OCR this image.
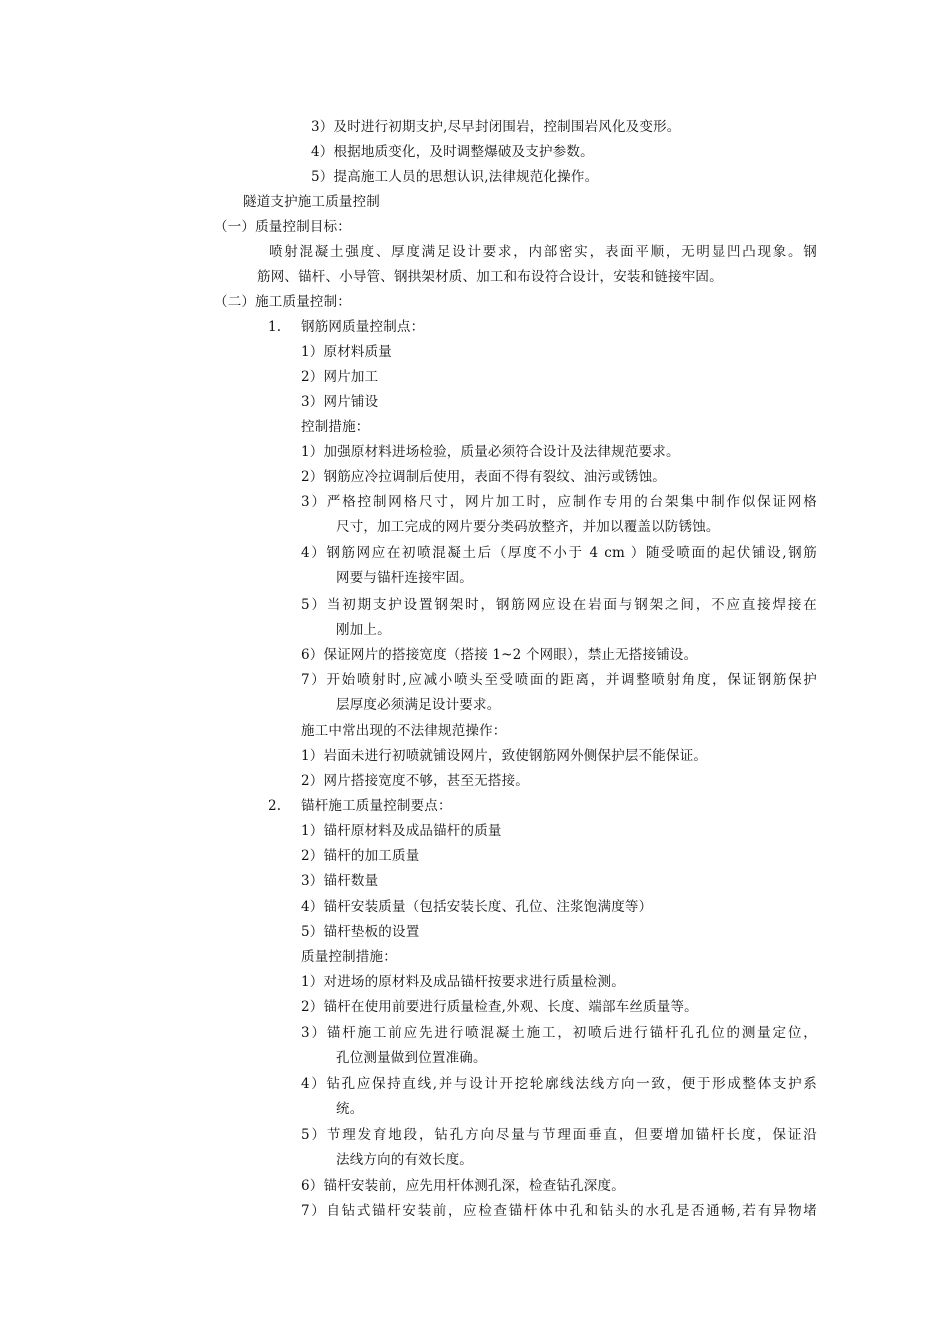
3）及时进行初期支护,尽早封闭围岩，控制围岩风化及变形。
4）根据地质变化，及时调整爆破及支护参数。
5）提高施工人员的思想认识,法律规范化操作。
隧道支护施工质量控制
（一）质量控制目标：
喷射混凝土强度、厚度满足设计要求，内部密实，表面平顺，无明显凹凸现象。钢
筋网、锚杆、小导管、钢拱架材质、加工和布设符合设计，安装和链接牢固。
（二）施工质量控制：
1. 钢筋网质量控制点：
1）原材料质量
2）网片加工
3）网片铺设
控制措施：
1）加强原材料进场检验，质量必须符合设计及法律规范要求。
2）钢筋应冷拉调制后使用，表面不得有裂纹、油污或锈蚀。
3）严格控制网格尺寸，网片加工时，应制作专用的台架集中制作似保证网格
尺寸，加工完成的网片要分类码放整齐，并加以覆盖以防锈蚀。
4）钢筋网应在初喷混凝土后（厚度不小于 4 cm ）随受喷面的起伏铺设,钢筋
网要与锚杆连接牢固。
5）当初期支护设置钢架时，钢筋网应设在岩面与钢架之间，不应直接焊接在
刚加上。
6）保证网片的搭接宽度（搭接 1~2 个网眼），禁止无搭接铺设。
7）开始喷射时,应减小喷头至受喷面的距离，并调整喷射角度，保证钢筋保护
层厚度必须满足设计要求。
施工中常出现的不法律规范操作：
1）岩面未进行初喷就铺设网片，致使钢筋网外侧保护层不能保证。
2）网片搭接宽度不够，甚至无搭接。
2. 锚杆施工质量控制要点：
1）锚杆原材料及成品锚杆的质量
2）锚杆的加工质量
3）锚杆数量
4）锚杆安装质量（包括安装长度、孔位、注浆饱满度等）
5）锚杆垫板的设置
质量控制措施：
1）对进场的原材料及成品锚杆按要求进行质量检测。
2）锚杆在使用前要进行质量检查,外观、长度、端部车丝质量等。
3）锚杆施工前应先进行喷混凝土施工，初喷后进行锚杆孔孔位的测量定位，
孔位测量做到位置准确。
4）钻孔应保持直线,并与设计开挖轮廓线法线方向一致，便于形成整体支护系
统。
5）节理发育地段，钻孔方向尽量与节理面垂直，但要增加锚杆长度，保证沿
法线方向的有效长度。
6）锚杆安装前，应先用杆体测孔深，检查钻孔深度。
7）自钻式锚杆安装前，应检查锚杆体中孔和钻头的水孔是否通畅,若有异物堵
